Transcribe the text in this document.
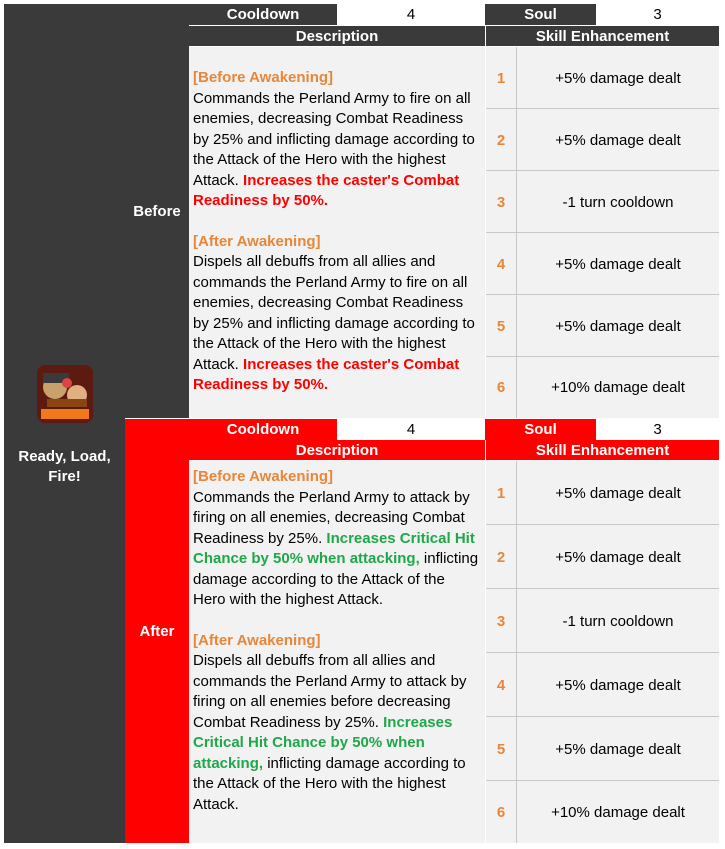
Ready, Load, Fire!
Before
Cooldown	4	Soul	3
Description	Skill Enhancement

[Before Awakening]

Commands the Perland Army to fire on all enemies, decreasing Combat Readiness by 25% and inflicting damage according to the Attack of the Hero with the highest Attack. Increases the caster's Combat Readiness by 50%.

[After Awakening]

Dispels all debuffs from all allies and commands the Perland Army to fire on all enemies, decreasing Combat Readiness by 25% and inflicting damage according to the Attack of the Hero with the highest Attack. Increases the caster's Combat Readiness by 50%.

1	+5% damage dealt
2	+5% damage dealt
3	-1 turn cooldown
4	+5% damage dealt
5	+5% damage dealt
6	+10% damage dealt
After
Cooldown	4	Soul	3
Description	Skill Enhancement

[Before Awakening]

Commands the Perland Army to attack by firing on all enemies, decreasing Combat Readiness by 25%. Increases Critical Hit Chance by 50% when attacking, inflicting damage according to the Attack of the Hero with the highest Attack.

[After Awakening]

Dispels all debuffs from all allies and commands the Perland Army to attack by firing on all enemies before decreasing Combat Readiness by 25%. Increases Critical Hit Chance by 50% when attacking, inflicting damage according to the Attack of the Hero with the highest Attack.

1	+5% damage dealt
2	+5% damage dealt
3	-1 turn cooldown
4	+5% damage dealt
5	+5% damage dealt
6	+10% damage dealt
